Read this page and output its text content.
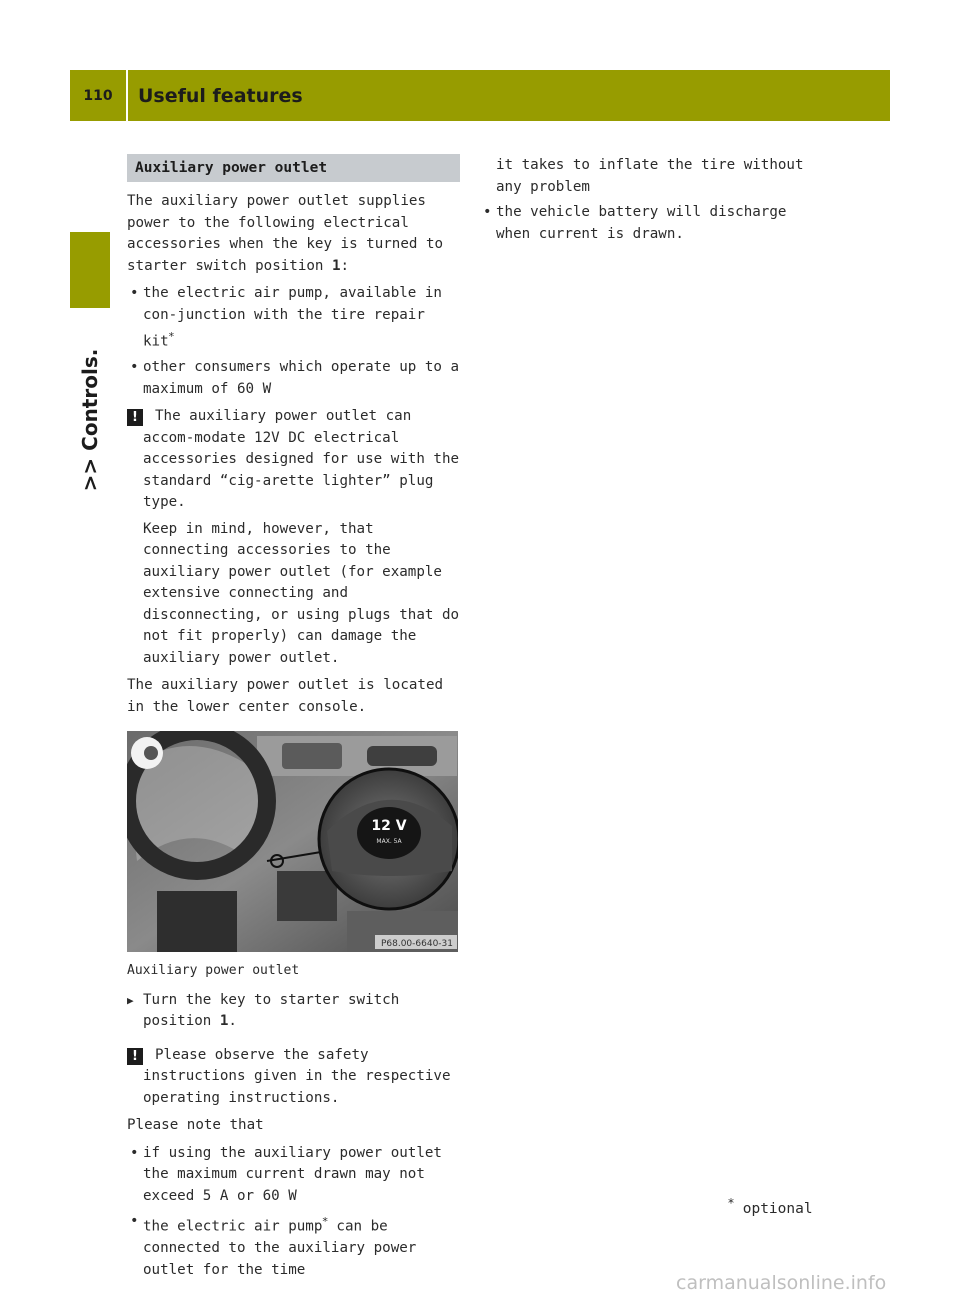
110	Useful features
>> Controls.
Auxiliary power outlet

The auxiliary power outlet supplies power to the following electrical accessories when the key is turned to starter switch position 1:

• the electric air pump, available in con-junction with the tire repair kit*
• other consumers which operate up to a maximum of 60 W
!	The auxiliary power outlet can accom-modate 12V DC electrical accessories designed for use with the standard “cig-arette lighter” plug type.
Keep in mind, however, that connecting accessories to the auxiliary power outlet (for example extensive connecting and disconnecting, or using plugs that do not fit properly) can damage the auxiliary power outlet.

The auxiliary power outlet is located in the lower center console.

12 V
MAX. 5A
P68.00-6640-31
Auxiliary power outlet
▶ Turn the key to starter switch position 1.
!	Please observe the safety instructions given in the respective operating instructions.

Please note that

• if using the auxiliary power outlet the maximum current drawn may not exceed 5 A or 60 W
• the electric air pump* can be connected to the auxiliary power outlet for the time
it takes to inflate the tire without any problem
• the vehicle battery will discharge when current is drawn.
* optional
carmanualsonline.info
